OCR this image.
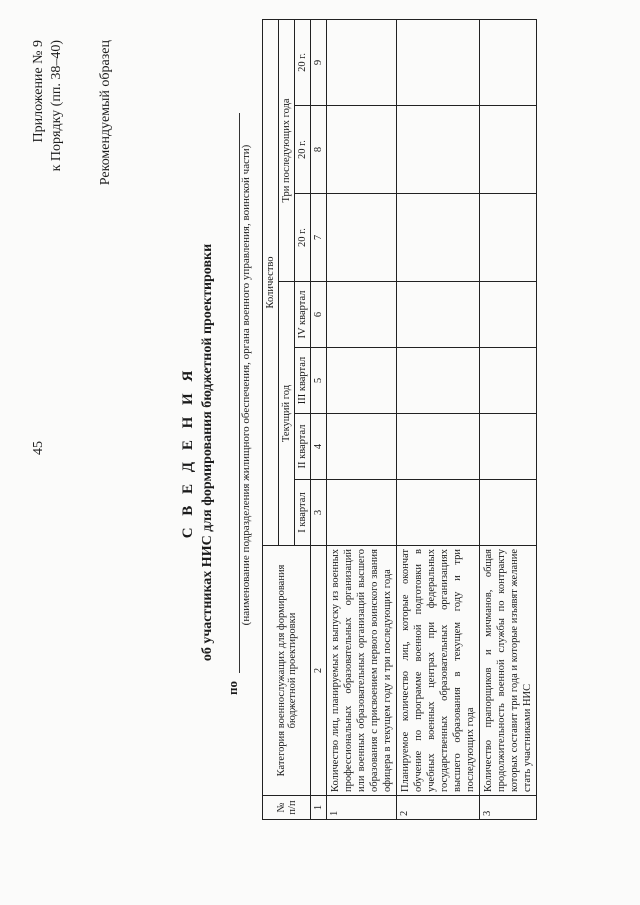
45
Приложение № 9 к Порядку (пп. 38–40) Рекомендуемый образец
С В Е Д Е Н И Я об участниках НИС для формирования бюджетной проектировки
по
(наименование подразделения жилищного обеспечения, органа военного управления, воинской части)
№ п/п	Категория военнослужащих для формирования бюджетной проектировки	Количество						
		Текущий год				Три последующих года		
		I квартал	II квартал	III квартал	IV квартал	20 г.	20 г.	20 г.
1	2	3	4	5	6	7	8	9
1	Количество лиц, планируемых к выпуску из военных профессиональных образовательных организаций или военных образовательных организаций высшего образования с присвоением первого воинского звания офицера в текущем году и три последующих года							
2	Планируемое количество лиц, которые окончат обучение по программе военной подготовки в учебных военных центрах при федеральных государственных образовательных организациях высшего образования в текущем году и три последующих года							
3	Количество прапорщиков и мичманов, общая продолжительность военной службы по контракту которых составит три года и которые изъявят желание стать участниками НИС							
